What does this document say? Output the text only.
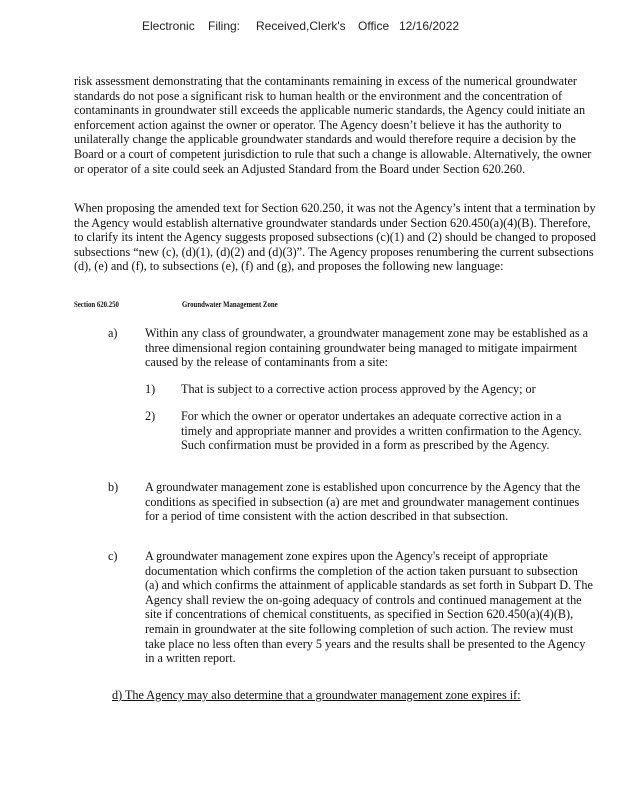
Electronic Filing: Received,Clerk's Office 12/16/2022

risk assessment demonstrating that the contaminants remaining in excess of the numerical groundwater standards do not pose a significant risk to human health or the environment and the concentration of contaminants in groundwater still exceeds the applicable numeric standards, the Agency could initiate an enforcement action against the owner or operator. The Agency doesn’t believe it has the authority to unilaterally change the applicable groundwater standards and would therefore require a decision by the Board or a court of competent jurisdiction to rule that such a change is allowable. Alternatively, the owner or operator of a site could seek an Adjusted Standard from the Board under Section 620.260.

When proposing the amended text for Section 620.250, it was not the Agency’s intent that a termination by the Agency would establish alternative groundwater standards under Section 620.450(a)(4)(B). Therefore, to clarify its intent the Agency suggests proposed subsections (c)(1) and (2) should be changed to proposed subsections “new (c), (d)(1), (d)(2) and (d)(3)”. The Agency proposes renumbering the current subsections (d), (e) and (f), to subsections (e), (f) and (g), and proposes the following new language:

Section 620.250	Groundwater Management Zone
a) Within any class of groundwater, a groundwater management zone may be established as a three dimensional region containing groundwater being managed to mitigate impairment caused by the release of contaminants from a site:

1) That is subject to a corrective action process approved by the Agency; or

2) For which the owner or operator undertakes an adequate corrective action in a timely and appropriate manner and provides a written confirmation to the Agency. Such confirmation must be provided in a form as prescribed by the Agency.

b) A groundwater management zone is established upon concurrence by the Agency that the conditions as specified in subsection (a) are met and groundwater management continues for a period of time consistent with the action described in that subsection.

c) A groundwater management zone expires upon the Agency's receipt of appropriate documentation which confirms the completion of the action taken pursuant to subsection (a) and which confirms the attainment of applicable standards as set forth in Subpart D. The Agency shall review the on-going adequacy of controls and continued management at the site if concentrations of chemical constituents, as specified in Section 620.450(a)(4)(B), remain in groundwater at the site following completion of such action. The review must take place no less often than every 5 years and the results shall be presented to the Agency in a written report.

d) The Agency may also determine that a groundwater management zone expires if:
